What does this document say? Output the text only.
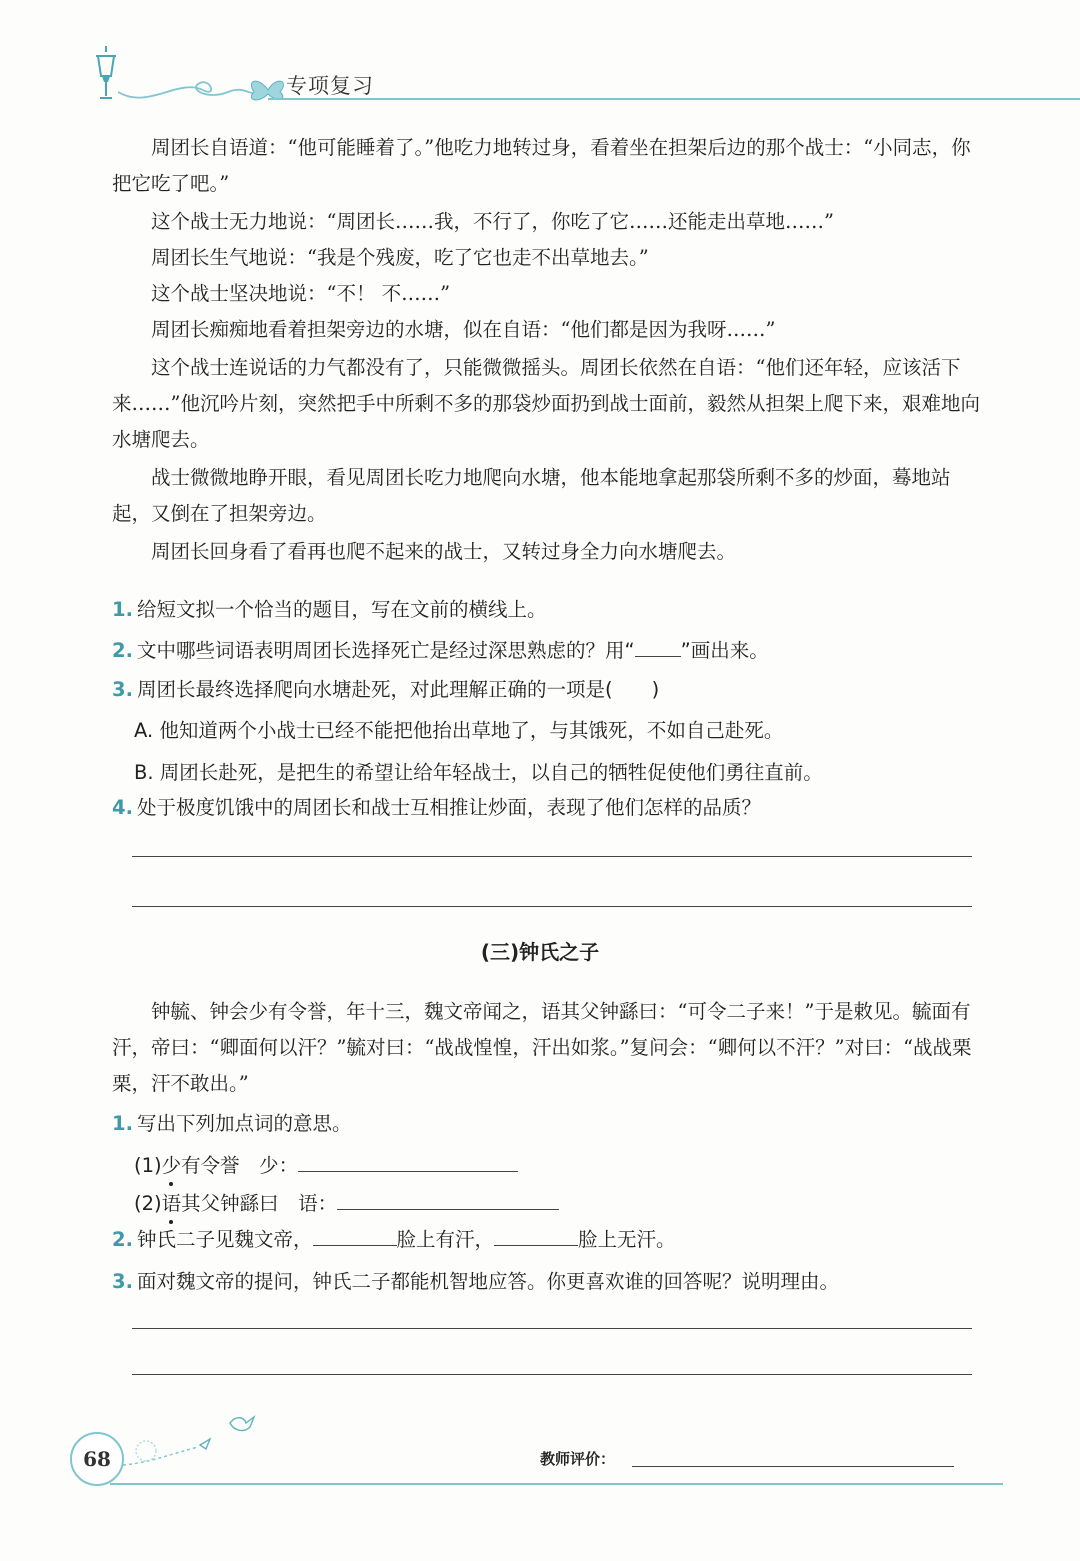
专项复习

周团长自语道：“他可能睡着了。”他吃力地转过身，看着坐在担架后边的那个战士：“小同志，你把它吃了吧。”

这个战士无力地说：“周团长……我，不行了，你吃了它……还能走出草地……”

周团长生气地说：“我是个残废，吃了它也走不出草地去。”

这个战士坚决地说：“不！ 不……”

周团长痴痴地看着担架旁边的水塘，似在自语：“他们都是因为我呀……”

这个战士连说话的力气都没有了，只能微微摇头。周团长依然在自语：“他们还年轻，应该活下来……”他沉吟片刻，突然把手中所剩不多的那袋炒面扔到战士面前，毅然从担架上爬下来，艰难地向水塘爬去。

战士微微地睁开眼，看见周团长吃力地爬向水塘，他本能地拿起那袋所剩不多的炒面，蓦地站起，又倒在了担架旁边。

周团长回身看了看再也爬不起来的战士，又转过身全力向水塘爬去。

1. 给短文拟一个恰当的题目，写在文前的横线上。
2. 文中哪些词语表明周团长选择死亡是经过深思熟虑的？用“ ”画出来。
3. 周团长最终选择爬向水塘赴死，对此理解正确的一项是(　　)
A. 他知道两个小战士已经不能把他抬出草地了，与其饿死，不如自己赴死。
B. 周团长赴死，是把生的希望让给年轻战士，以自己的牺牲促使他们勇往直前。
4. 处于极度饥饿中的周团长和战士互相推让炒面，表现了他们怎样的品质？
(三)钟氏之子

钟毓、钟会少有令誉，年十三，魏文帝闻之，语其父钟繇曰：“可令二子来！”于是敕见。毓面有汗，帝曰：“卿面何以汗？”毓对曰：“战战惶惶，汗出如浆。”复问会：“卿何以不汗？”对曰：“战战栗栗，汗不敢出。”

1. 写出下列加点词的意思。
(1)少有令誉　少：
(2)语其父钟繇曰　语：
2. 钟氏二子见魏文帝，	脸上有汗，	脸上无汗。
3. 面对魏文帝的提问，钟氏二子都能机智地应答。你更喜欢谁的回答呢？说明理由。
68	教师评价：
